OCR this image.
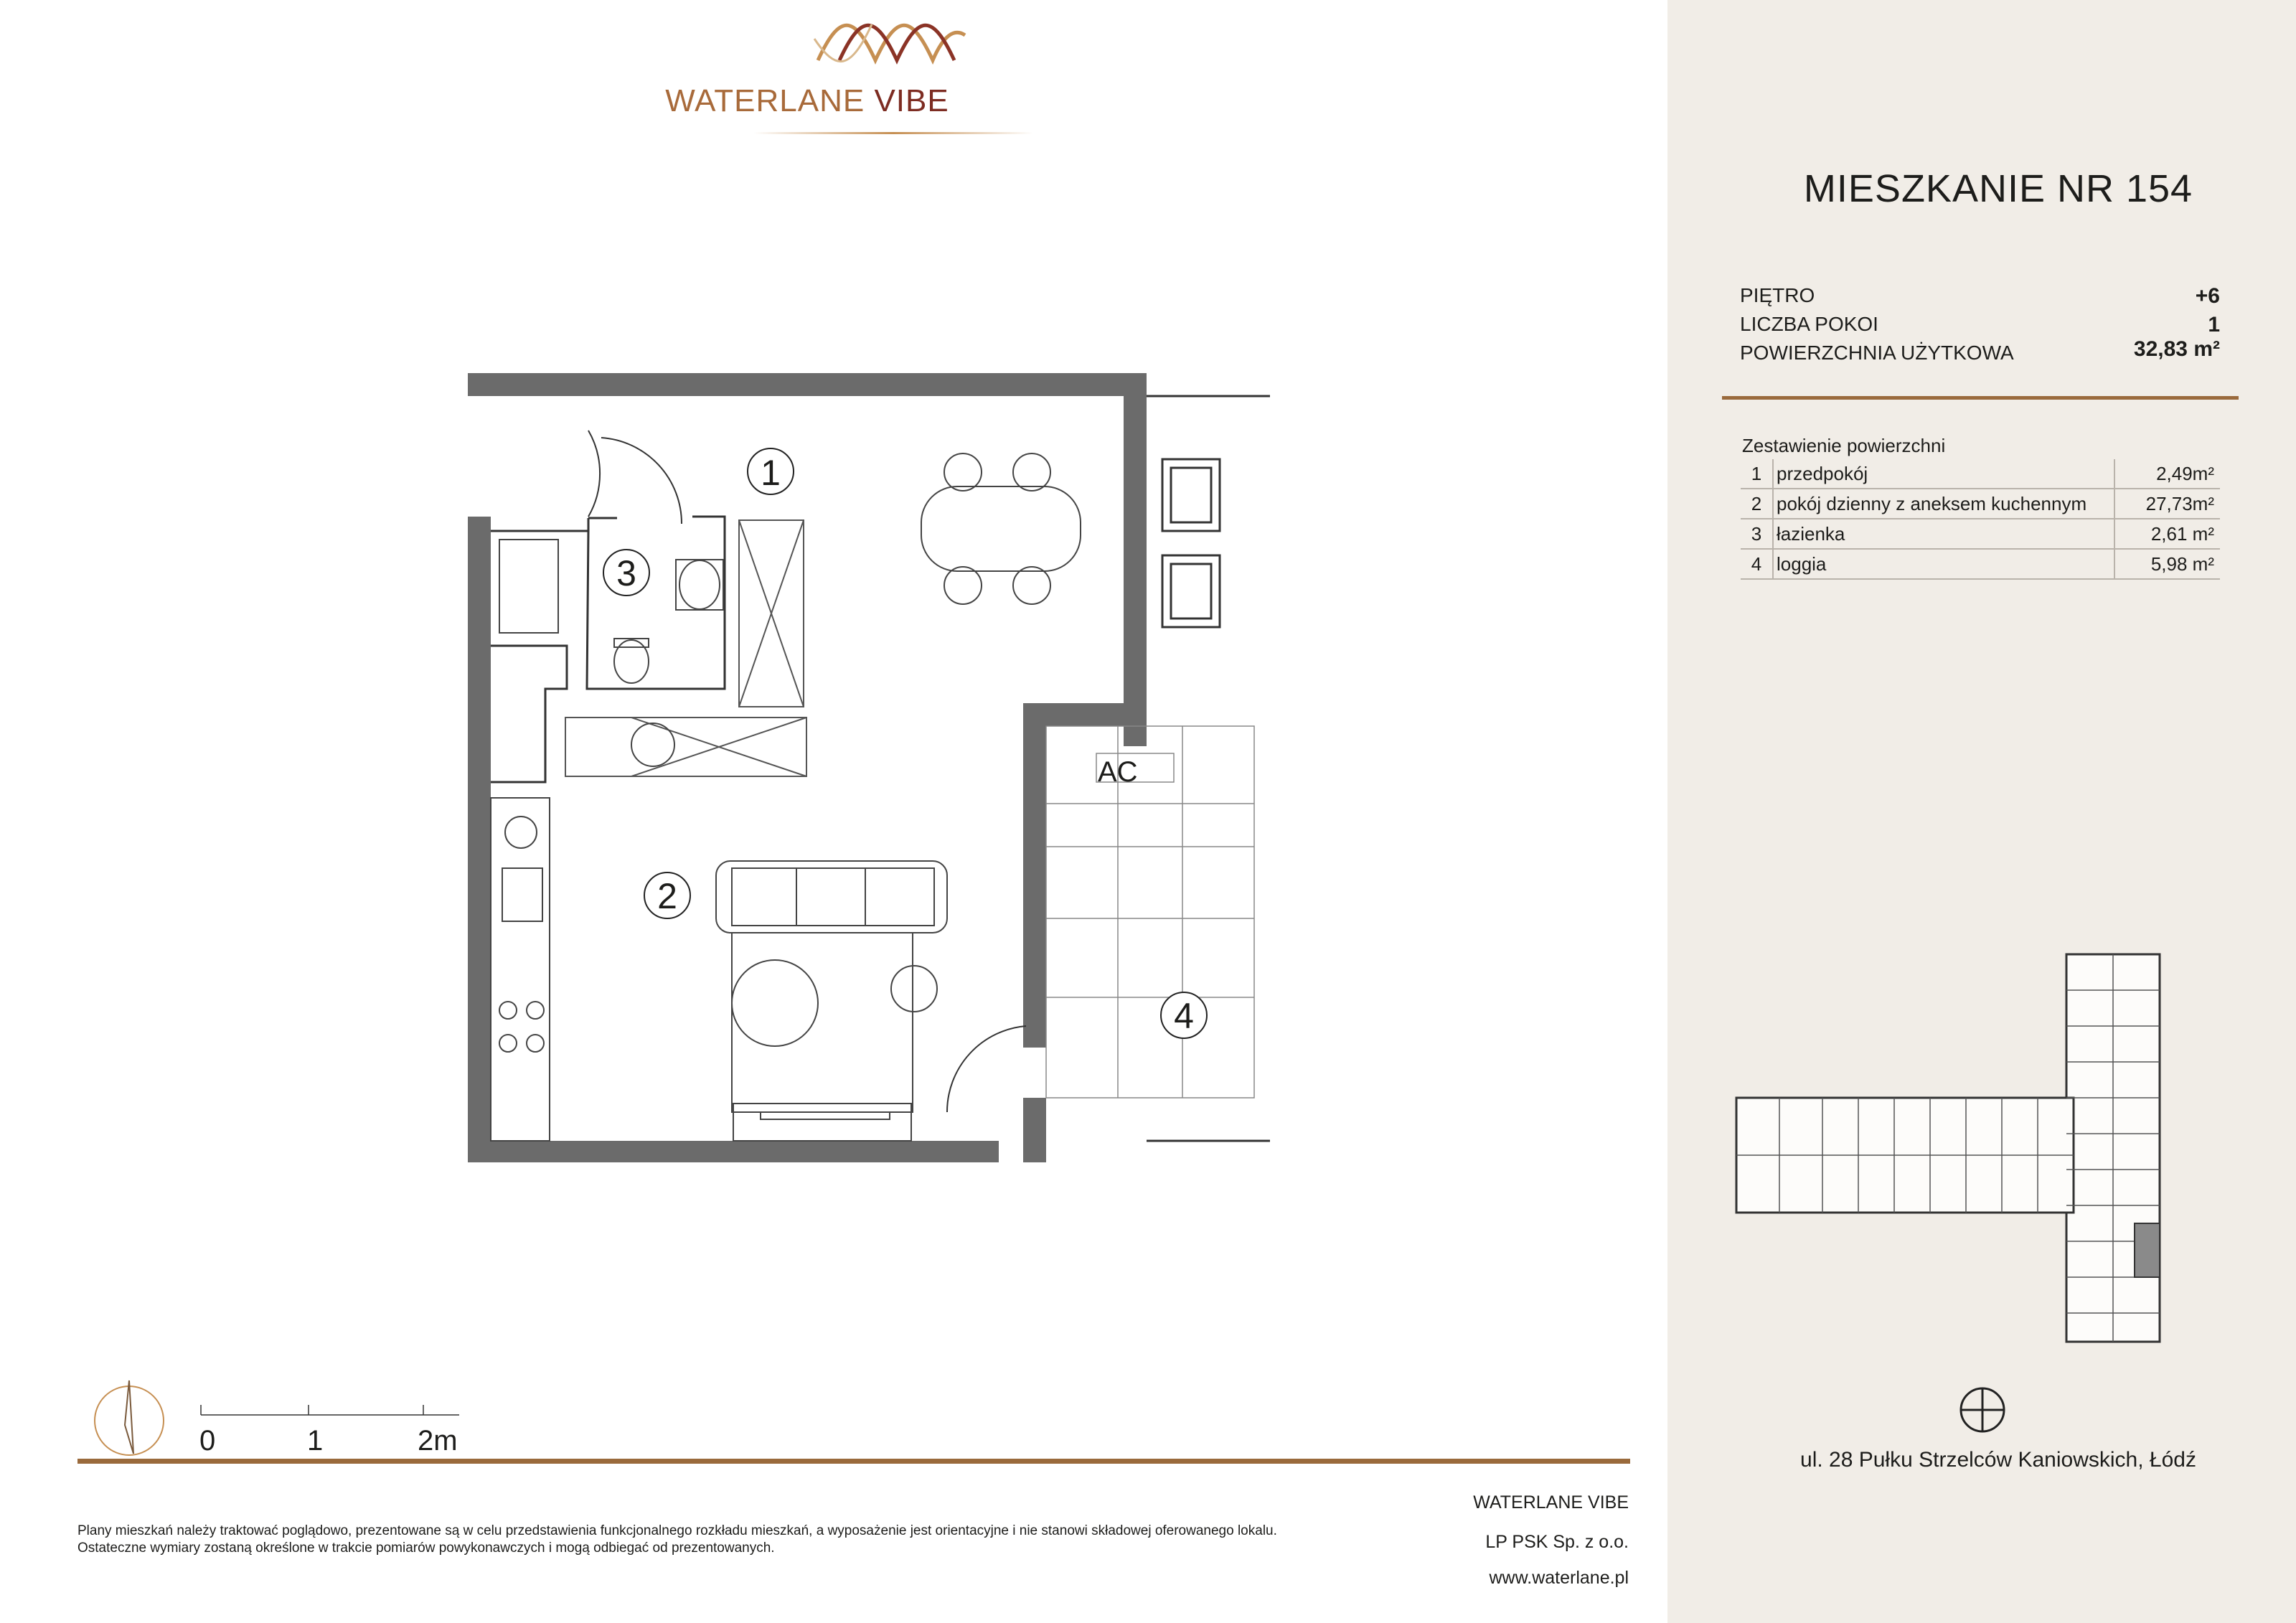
WATERLANE VIBE
1
3
2
4
AC
0	1	2m
Plany mieszkań należy traktować poglądowo, prezentowane są w celu przedstawienia funkcjonalnego rozkładu mieszkań, a wyposażenie jest orientacyjne i nie stanowi składowej oferowanego lokalu.
Ostateczne wymiary zostaną określone w trakcie pomiarów powykonawczych i mogą odbiegać od prezentowanych.
WATERLANE VIBE
LP PSK Sp. z o.o.
www.waterlane.pl
MIESZKANIE NR 154
PIĘTRO	+6
LICZBA POKOI	1
POWIERZCHNIA UŻYTKOWA	32,83 m²
Zestawienie powierzchni
1	przedpokój	2,49m²
2	pokój dzienny z aneksem kuchennym	27,73m²
3	łazienka	2,61 m²
4	loggia	5,98 m²
ul. 28 Pułku Strzelców Kaniowskich, Łódź
